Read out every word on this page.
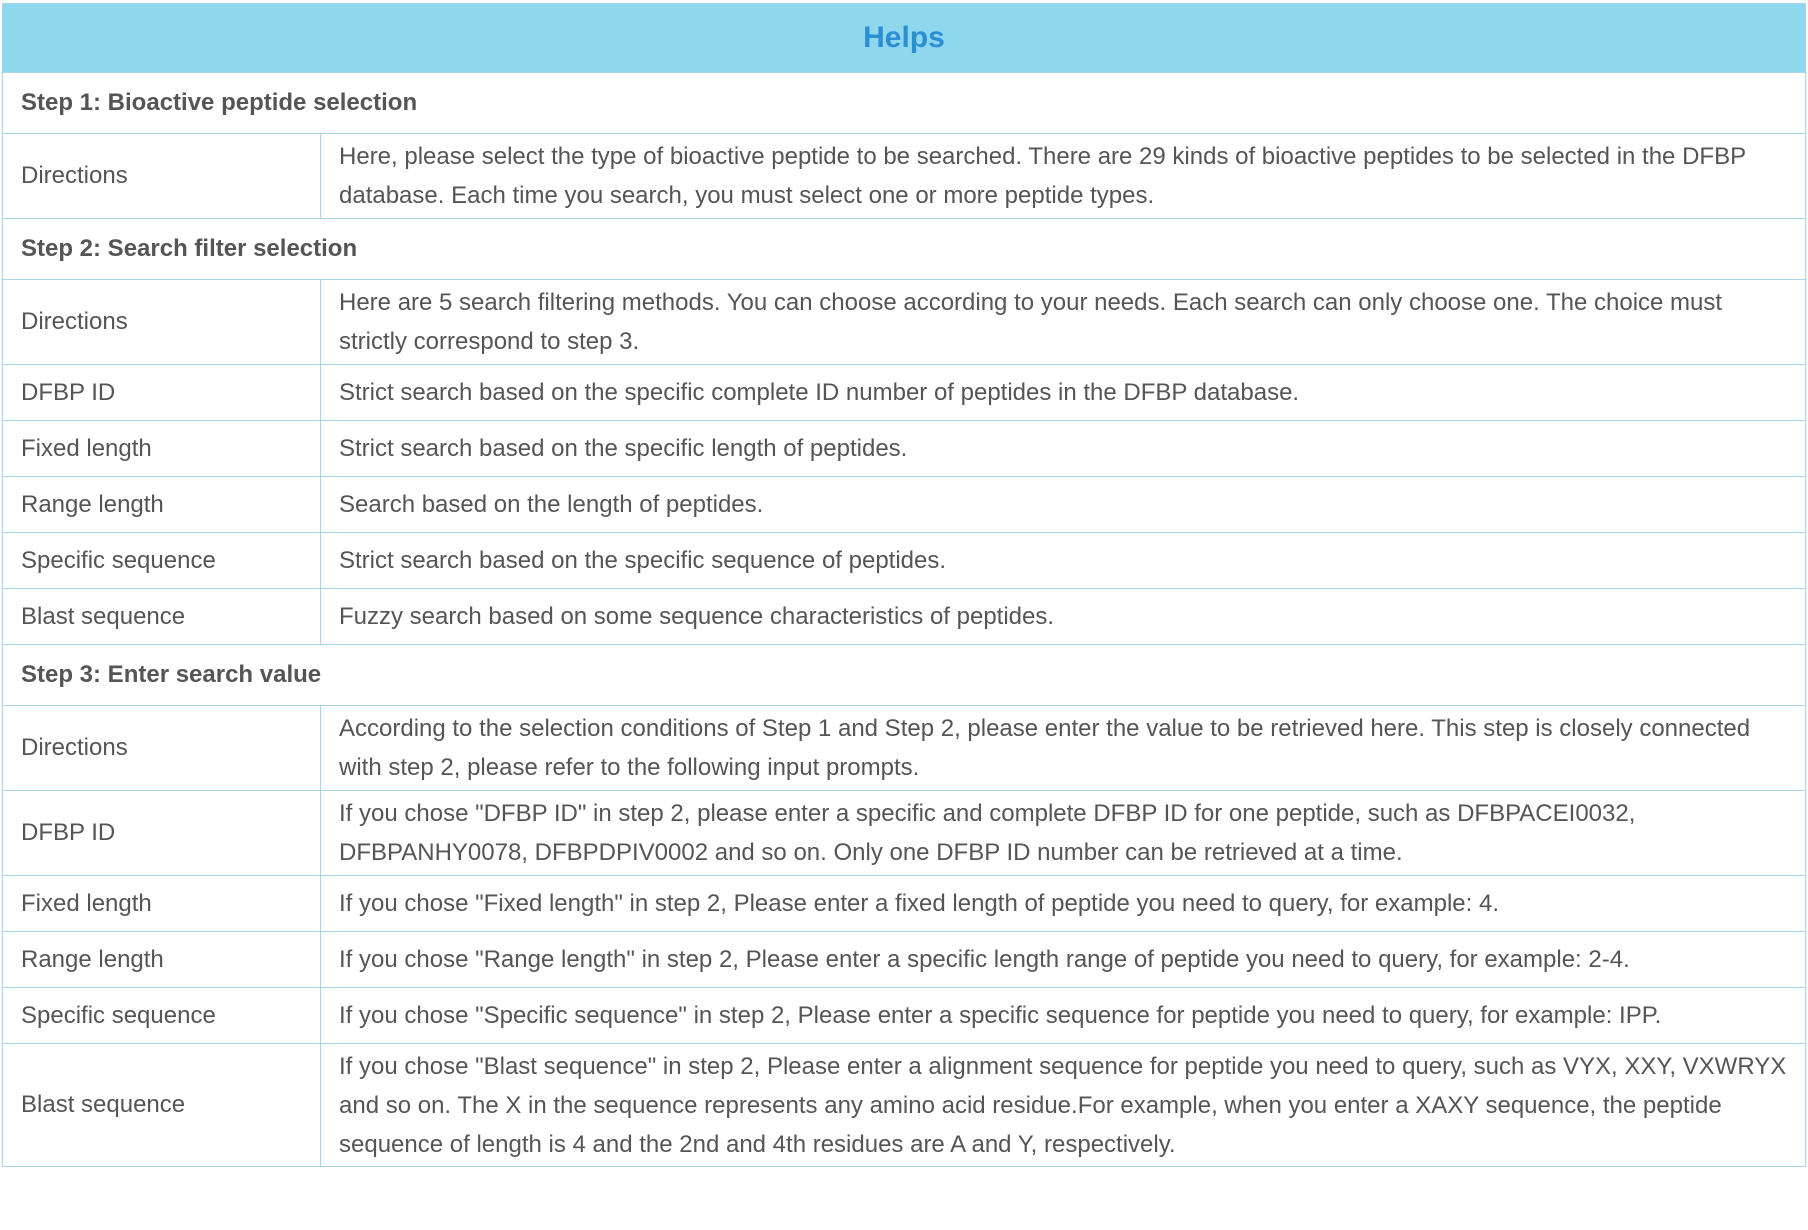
Helps	
Step 1: Bioactive peptide selection	
Directions	Here, please select the type of bioactive peptide to be searched. There are 29 kinds of bioactive peptides to be selected in the DFBP database. Each time you search, you must select one or more peptide types.
Step 2: Search filter selection	
Directions	Here are 5 search filtering methods. You can choose according to your needs. Each search can only choose one. The choice must strictly correspond to step 3.
DFBP ID	Strict search based on the specific complete ID number of peptides in the DFBP database.
Fixed length	Strict search based on the specific length of peptides.
Range length	Search based on the length of peptides.
Specific sequence	Strict search based on the specific sequence of peptides.
Blast sequence	Fuzzy search based on some sequence characteristics of peptides.
Step 3: Enter search value	
Directions	According to the selection conditions of Step 1 and Step 2, please enter the value to be retrieved here. This step is closely connected with step 2, please refer to the following input prompts.
DFBP ID	If you chose "DFBP ID" in step 2, please enter a specific and complete DFBP ID for one peptide, such as DFBPACEI0032, DFBPANHY0078, DFBPDPIV0002 and so on. Only one DFBP ID number can be retrieved at a time.
Fixed length	If you chose "Fixed length" in step 2, Please enter a fixed length of peptide you need to query, for example: 4.
Range length	If you chose "Range length" in step 2, Please enter a specific length range of peptide you need to query, for example: 2-4.
Specific sequence	If you chose "Specific sequence" in step 2, Please enter a specific sequence for peptide you need to query, for example: IPP.
Blast sequence	If you chose "Blast sequence" in step 2, Please enter a alignment sequence for peptide you need to query, such as VYX, XXY, VXWRYX and so on. The X in the sequence represents any amino acid residue.For example, when you enter a XAXY sequence, the peptide sequence of length is 4 and the 2nd and 4th residues are A and Y, respectively.
